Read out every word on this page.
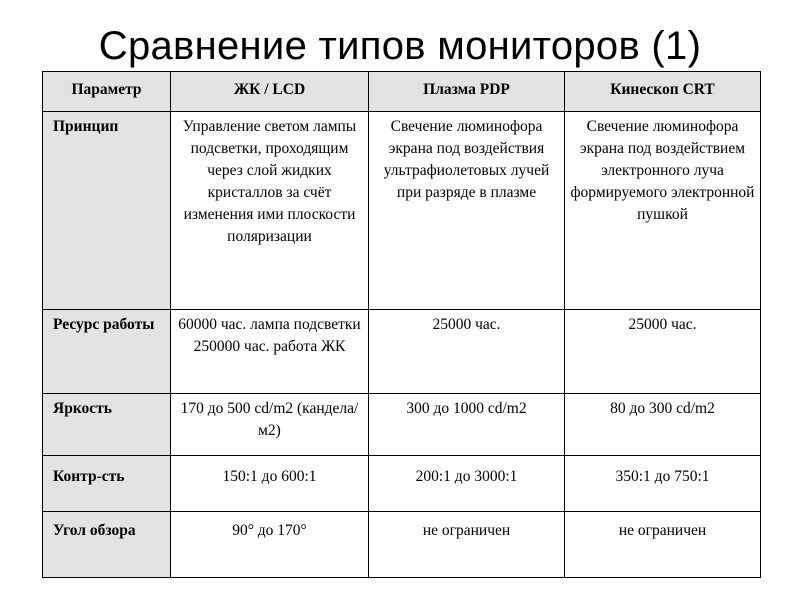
Сравнение типов мониторов (1)
Параметр	ЖК / LCD	Плазма PDP	Кинескоп CRT
Принцип	Управление светом лампы подсветки, проходящим через слой жидких кристаллов за счёт изменения ими плоскости поляризации	Свечение люминофора экрана под воздействия ультрафиолетовых лучей при разряде в плазме	Свечение люминофора экрана под воздействием электронного луча формируемого электронной пушкой
Ресурс работы	60000 час. лампа подсветки 250000 час. работа ЖК	25000 час.	25000 час.
Яркость	170 до 500 cd/m2 (кандела/м2)	300 до 1000 cd/m2	80 до 300 cd/m2
Контр-сть	150:1 до 600:1	200:1 до 3000:1	350:1 до 750:1
Угол обзора	90° до 170°	не ограничен	не ограничен
